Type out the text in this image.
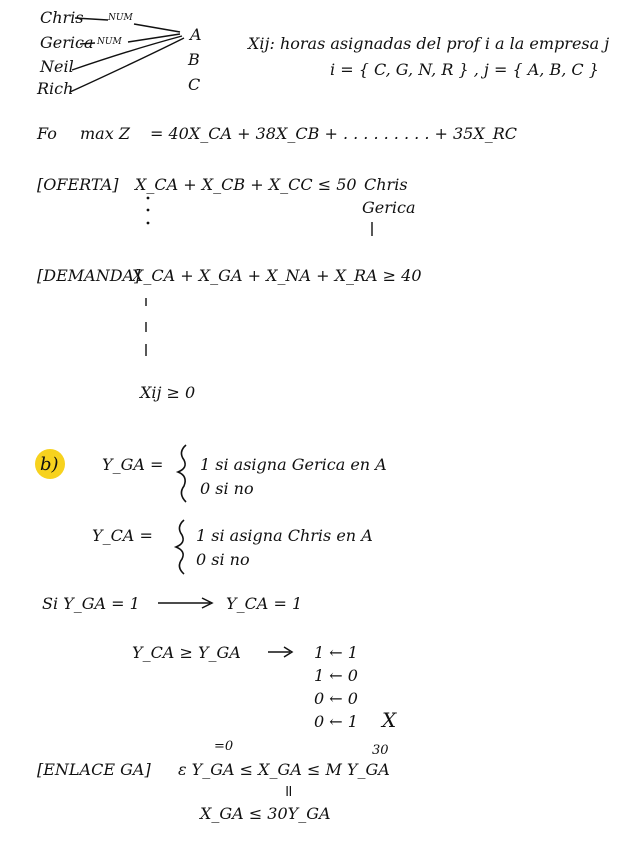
Chris
Gerica
Neil
Rich
NUM
NUM	A
B
C
Xij: horas asignadas del prof i a la empresa j
i = { C, G, N, R } , j = { A, B, C }
Fo max Z = 40X_CA + 38X_CB + . . . . . . . . . + 35X_RC
[OFERTA] X_CA + X_CB + X_CC ≤ 50 Chris
Gerica
[DEMANDA]
X_CA + X_GA + X_NA + X_RA ≥ 40
Xij ≥ 0
b)	Y_GA = 1 si asigna Gerica en A
0 si no
Y_CA =	1 si asigna Chris en A
0 si no
Si Y_GA = 1	Y_CA = 1
Y_CA ≥ Y_GA	1 ← 1
1 ← 0
0 ← 0
0 ← 1 X
=0	30
[ENLACE GA] ε Y_GA ≤ X_GA ≤ M Y_GA
=
X_GA ≤ 30Y_GA
